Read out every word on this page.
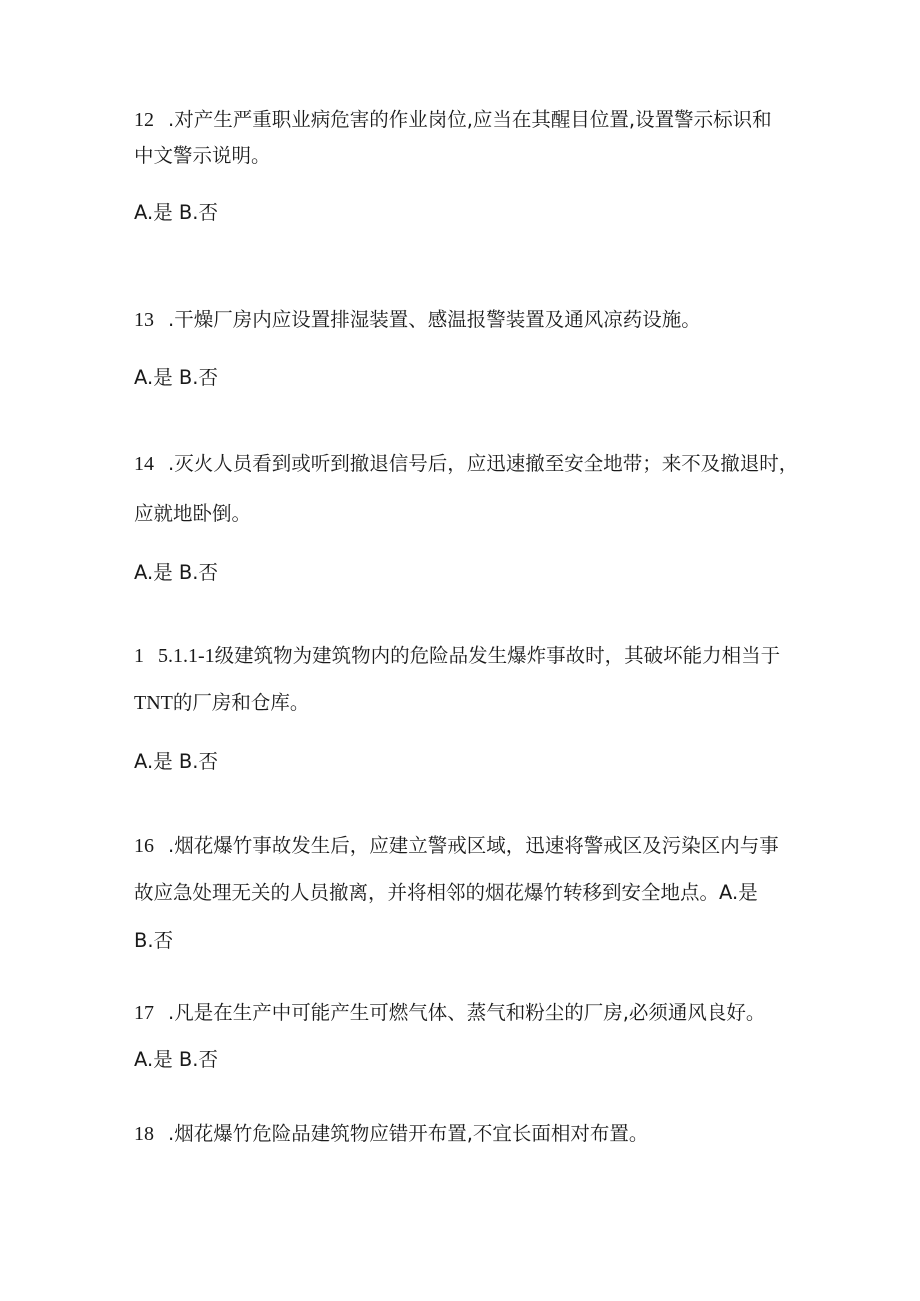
12 .对产生严重职业病危害的作业岗位,应当在其醒目位置,设置警示标识和
中文警示说明。
A.是 B.否
13 .干燥厂房内应设置排湿装置、感温报警装置及通风凉药设施。
A.是 B.否
14 .灭火人员看到或听到撤退信号后，应迅速撤至安全地带；来不及撤退时，
应就地卧倒。
A.是 B.否
1 5.1.1-1级建筑物为建筑物内的危险品发生爆炸事故时，其破坏能力相当于
TNT的厂房和仓库。
A.是 B.否
16 .烟花爆竹事故发生后，应建立警戒区域，迅速将警戒区及污染区内与事
故应急处理无关的人员撤离，并将相邻的烟花爆竹转移到安全地点。A.是
B.否
17 .凡是在生产中可能产生可燃气体、蒸气和粉尘的厂房,必须通风良好。
A.是 B.否
18 .烟花爆竹危险品建筑物应错开布置,不宜长面相对布置。
